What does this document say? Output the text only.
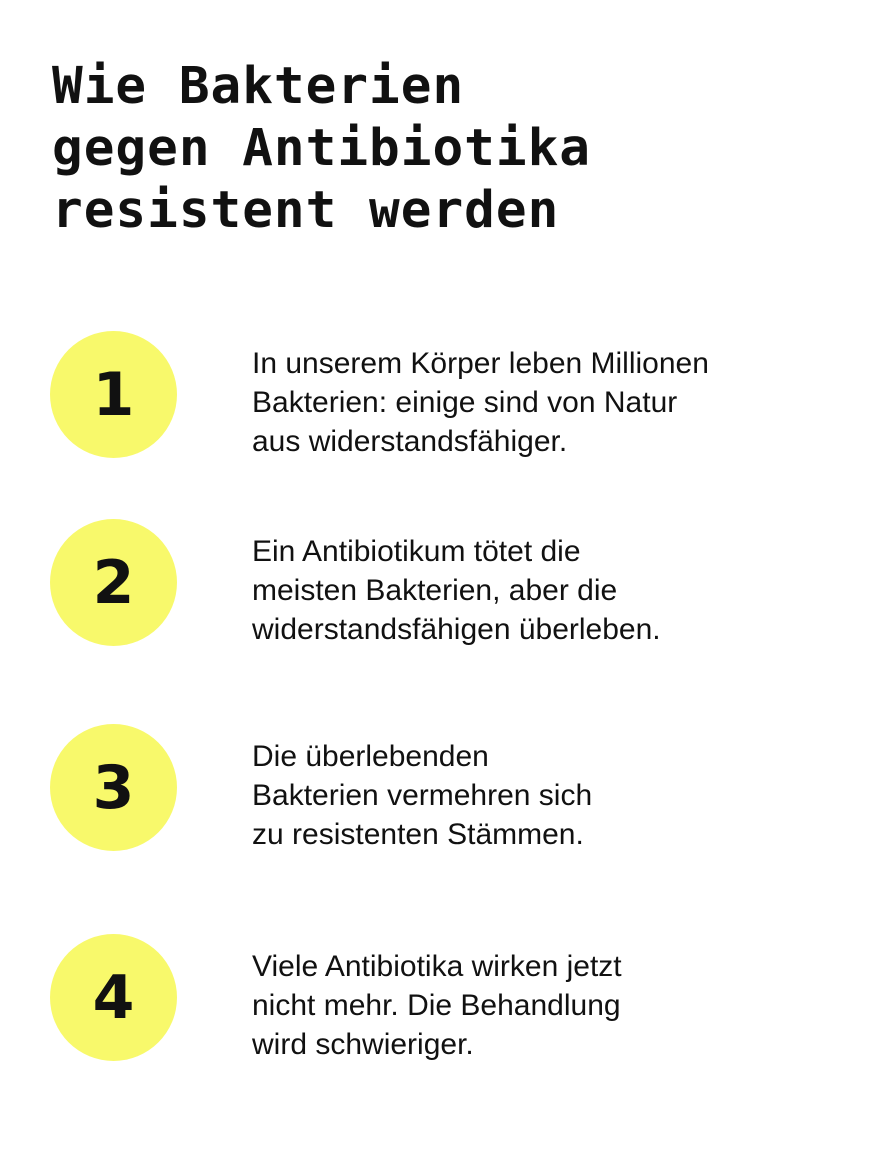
Wie Bakterien
gegen Antibiotika
resistent werden
1	In unserem Körper leben Millionen
Bakterien: einige sind von Natur
aus widerstandsfähiger.
2	Ein Antibiotikum tötet die
meisten Bakterien, aber die
widerstandsfähigen überleben.
3	Die überlebenden
Bakterien vermehren sich
zu resistenten Stämmen.
4	Viele Antibiotika wirken jetzt
nicht mehr. Die Behandlung
wird schwieriger.
